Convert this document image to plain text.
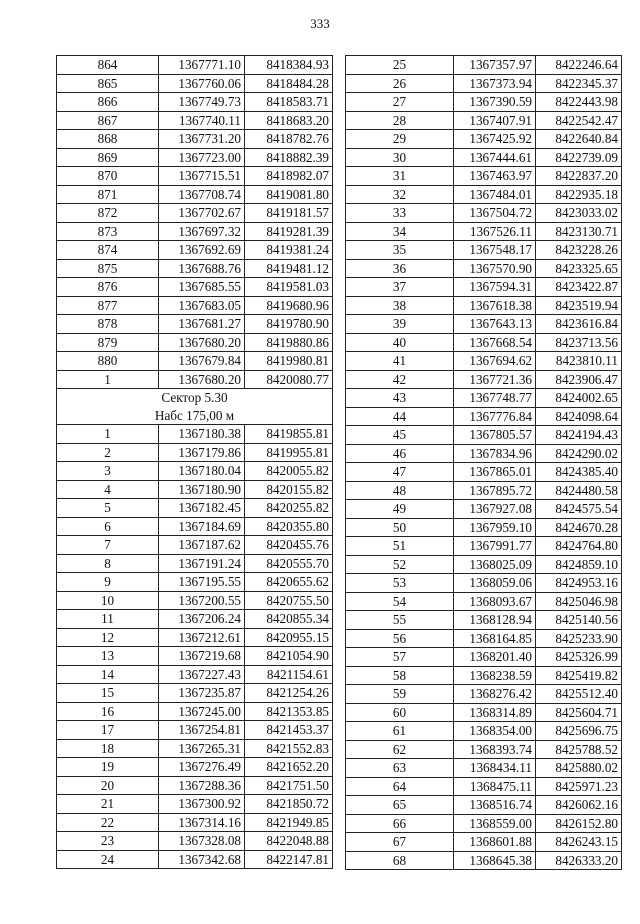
333
864	1367771.10	8418384.93
865	1367760.06	8418484.28
866	1367749.73	8418583.71
867	1367740.11	8418683.20
868	1367731.20	8418782.76
869	1367723.00	8418882.39
870	1367715.51	8418982.07
871	1367708.74	8419081.80
872	1367702.67	8419181.57
873	1367697.32	8419281.39
874	1367692.69	8419381.24
875	1367688.76	8419481.12
876	1367685.55	8419581.03
877	1367683.05	8419680.96
878	1367681.27	8419780.90
879	1367680.20	8419880.86
880	1367679.84	8419980.81
1	1367680.20	8420080.77
Сектор 5.30		
Набс 175,00 м		
1	1367180.38	8419855.81
2	1367179.86	8419955.81
3	1367180.04	8420055.82
4	1367180.90	8420155.82
5	1367182.45	8420255.82
6	1367184.69	8420355.80
7	1367187.62	8420455.76
8	1367191.24	8420555.70
9	1367195.55	8420655.62
10	1367200.55	8420755.50
11	1367206.24	8420855.34
12	1367212.61	8420955.15
13	1367219.68	8421054.90
14	1367227.43	8421154.61
15	1367235.87	8421254.26
16	1367245.00	8421353.85
17	1367254.81	8421453.37
18	1367265.31	8421552.83
19	1367276.49	8421652.20
20	1367288.36	8421751.50
21	1367300.92	8421850.72
22	1367314.16	8421949.85
23	1367328.08	8422048.88
24	1367342.68	8422147.81
25	1367357.97	8422246.64
26	1367373.94	8422345.37
27	1367390.59	8422443.98
28	1367407.91	8422542.47
29	1367425.92	8422640.84
30	1367444.61	8422739.09
31	1367463.97	8422837.20
32	1367484.01	8422935.18
33	1367504.72	8423033.02
34	1367526.11	8423130.71
35	1367548.17	8423228.26
36	1367570.90	8423325.65
37	1367594.31	8423422.87
38	1367618.38	8423519.94
39	1367643.13	8423616.84
40	1367668.54	8423713.56
41	1367694.62	8423810.11
42	1367721.36	8423906.47
43	1367748.77	8424002.65
44	1367776.84	8424098.64
45	1367805.57	8424194.43
46	1367834.96	8424290.02
47	1367865.01	8424385.40
48	1367895.72	8424480.58
49	1367927.08	8424575.54
50	1367959.10	8424670.28
51	1367991.77	8424764.80
52	1368025.09	8424859.10
53	1368059.06	8424953.16
54	1368093.67	8425046.98
55	1368128.94	8425140.56
56	1368164.85	8425233.90
57	1368201.40	8425326.99
58	1368238.59	8425419.82
59	1368276.42	8425512.40
60	1368314.89	8425604.71
61	1368354.00	8425696.75
62	1368393.74	8425788.52
63	1368434.11	8425880.02
64	1368475.11	8425971.23
65	1368516.74	8426062.16
66	1368559.00	8426152.80
67	1368601.88	8426243.15
68	1368645.38	8426333.20
